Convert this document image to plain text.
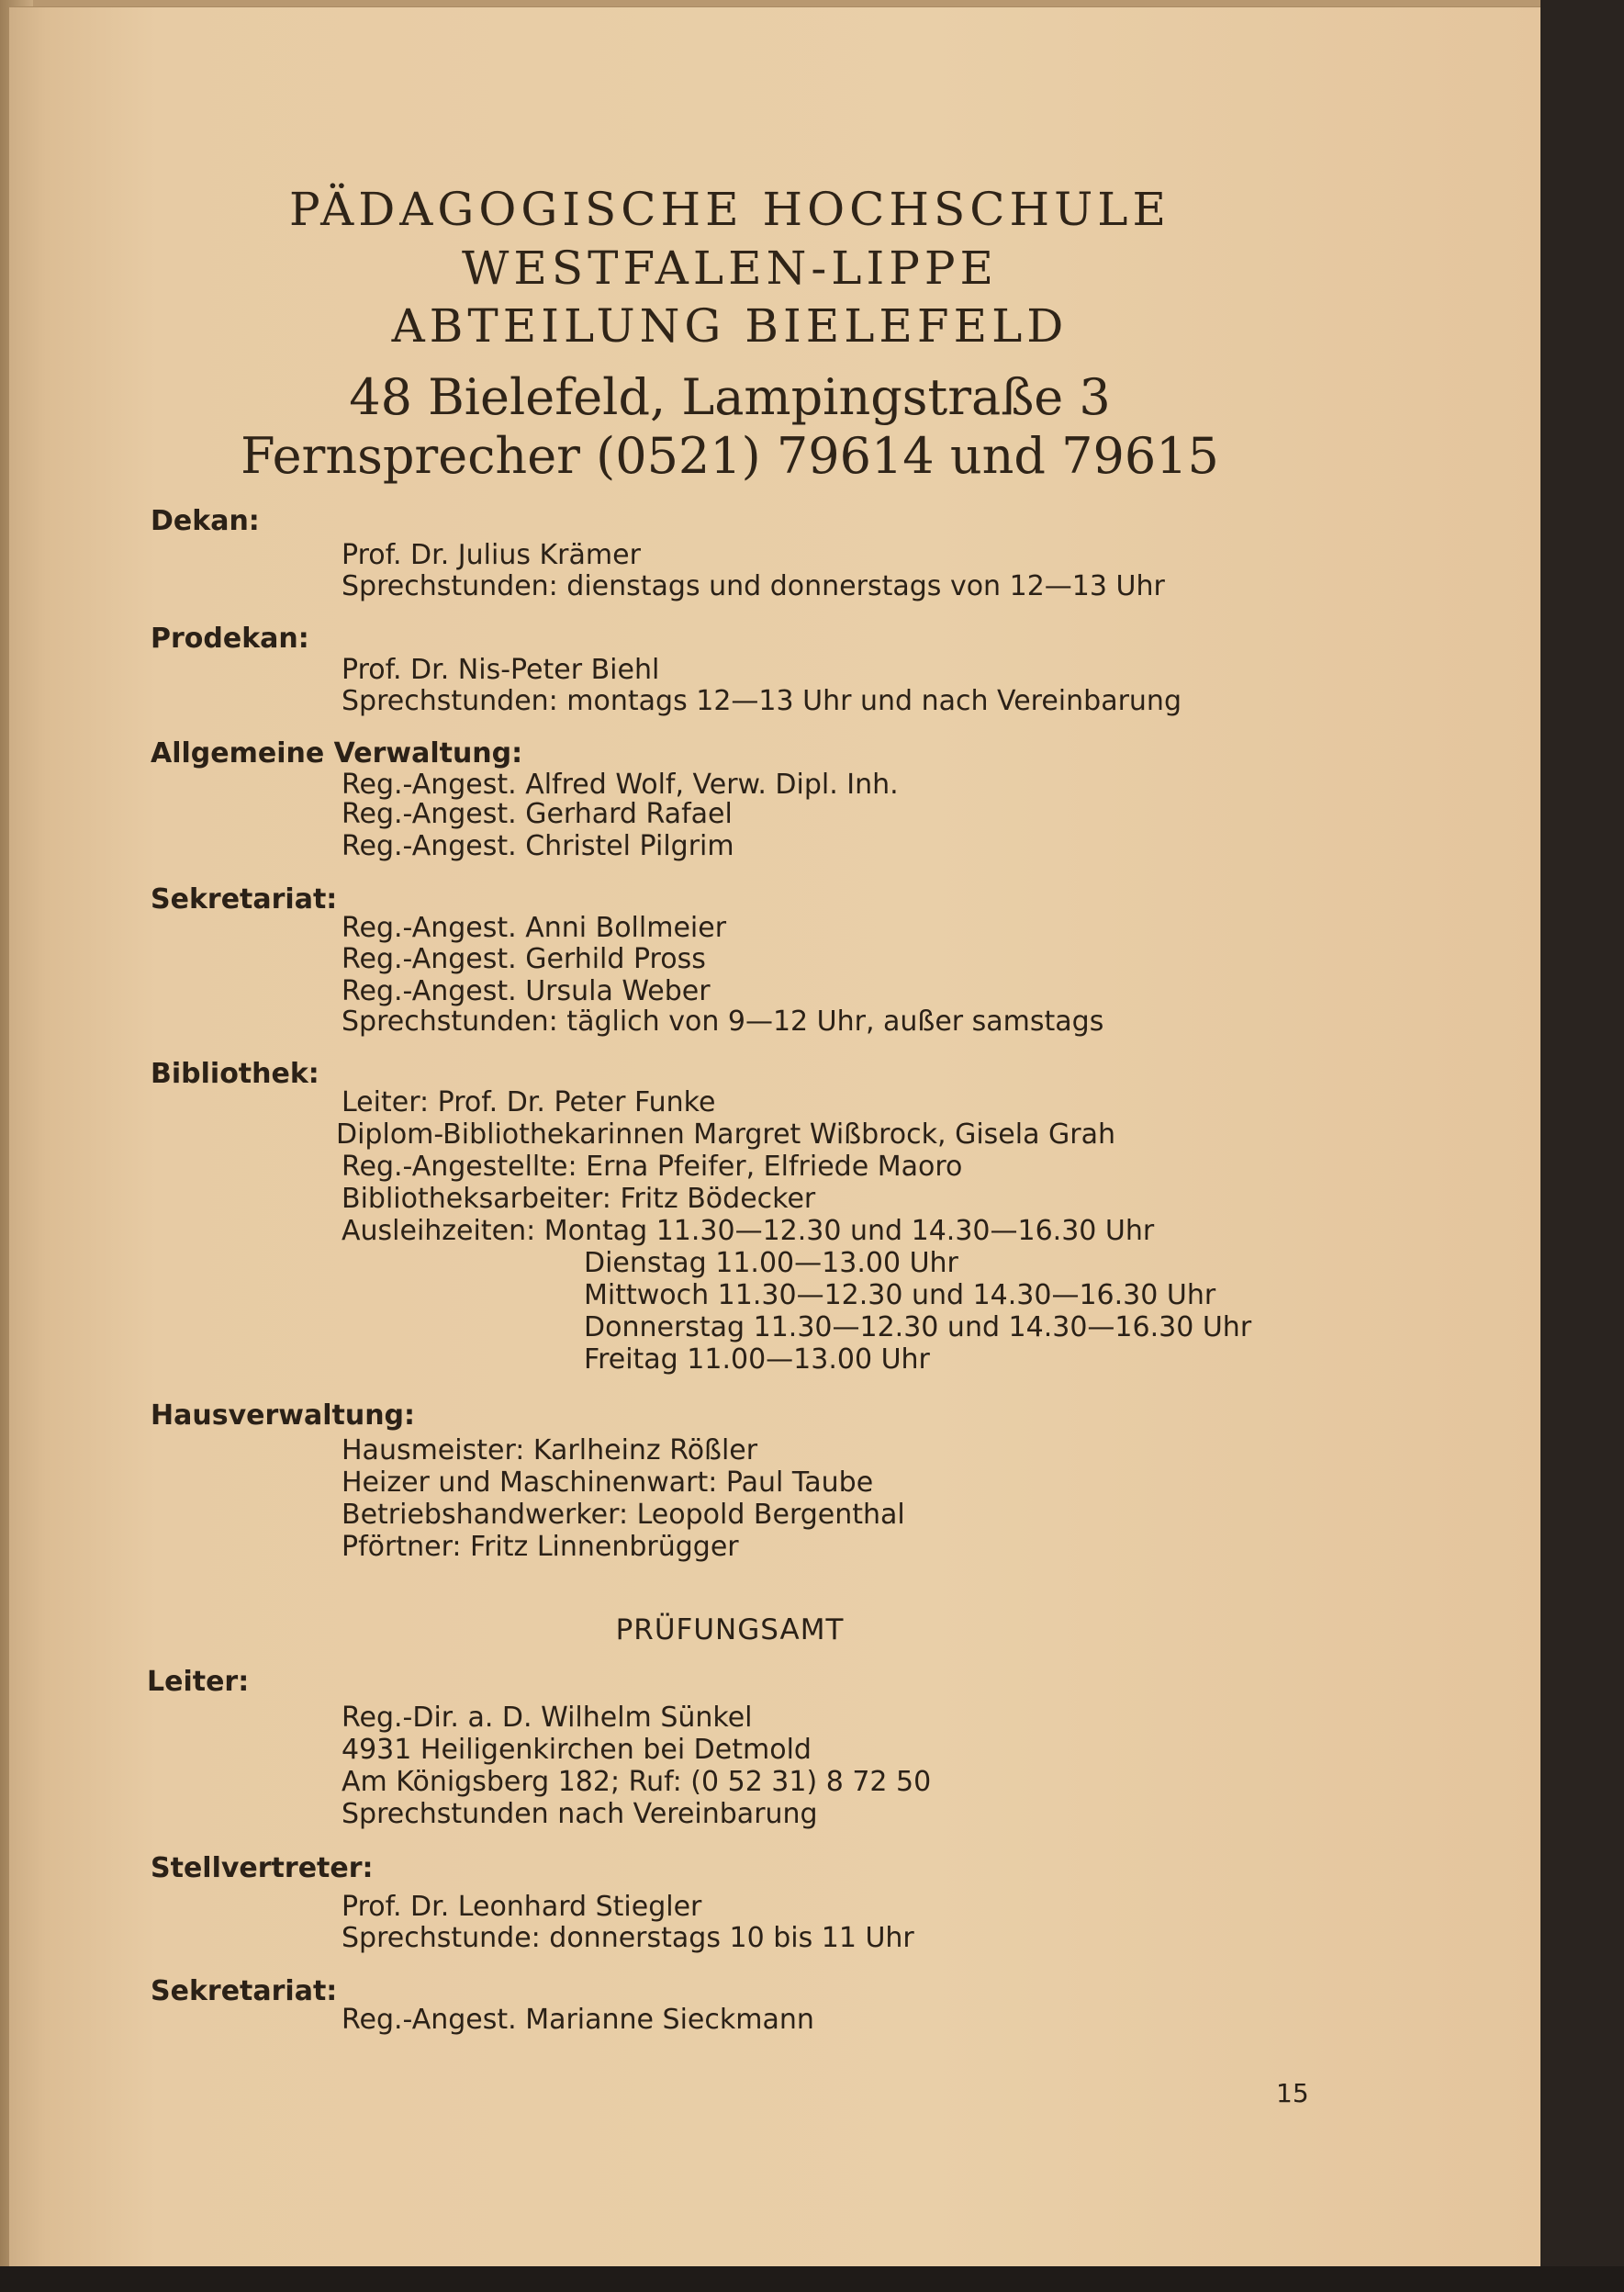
PÄDAGOGISCHE HOCHSCHULE
WESTFALEN-LIPPE
ABTEILUNG BIELEFELD
48 Bielefeld, Lampingstraße 3
Fernsprecher (0521) 79614 und 79615
Dekan:
Prof. Dr. Julius Krämer
Sprechstunden: dienstags und donnerstags von 12—13 Uhr
Prodekan:
Prof. Dr. Nis-Peter Biehl
Sprechstunden: montags 12—13 Uhr und nach Vereinbarung
Allgemeine Verwaltung:
Reg.-Angest. Alfred Wolf, Verw. Dipl. Inh.
Reg.-Angest. Gerhard Rafael
Reg.-Angest. Christel Pilgrim
Sekretariat:
Reg.-Angest. Anni Bollmeier
Reg.-Angest. Gerhild Pross
Reg.-Angest. Ursula Weber
Sprechstunden: täglich von 9—12 Uhr, außer samstags
Bibliothek:
Leiter: Prof. Dr. Peter Funke
Diplom-Bibliothekarinnen Margret Wißbrock, Gisela Grah
Reg.-Angestellte: Erna Pfeifer, Elfriede Maoro
Bibliotheksarbeiter: Fritz Bödecker
Ausleihzeiten: Montag 11.30—12.30 und 14.30—16.30 Uhr
Dienstag 11.00—13.00 Uhr
Mittwoch 11.30—12.30 und 14.30—16.30 Uhr
Donnerstag 11.30—12.30 und 14.30—16.30 Uhr
Freitag 11.00—13.00 Uhr
Hausverwaltung:
Hausmeister: Karlheinz Rößler
Heizer und Maschinenwart: Paul Taube
Betriebshandwerker: Leopold Bergenthal
Pförtner: Fritz Linnenbrügger
PRÜFUNGSAMT
Leiter:
Reg.-Dir. a. D. Wilhelm Sünkel
4931 Heiligenkirchen bei Detmold
Am Königsberg 182; Ruf: (0 52 31) 8 72 50
Sprechstunden nach Vereinbarung
Stellvertreter:
Prof. Dr. Leonhard Stiegler
Sprechstunde: donnerstags 10 bis 11 Uhr
Sekretariat:
Reg.-Angest. Marianne Sieckmann
15
